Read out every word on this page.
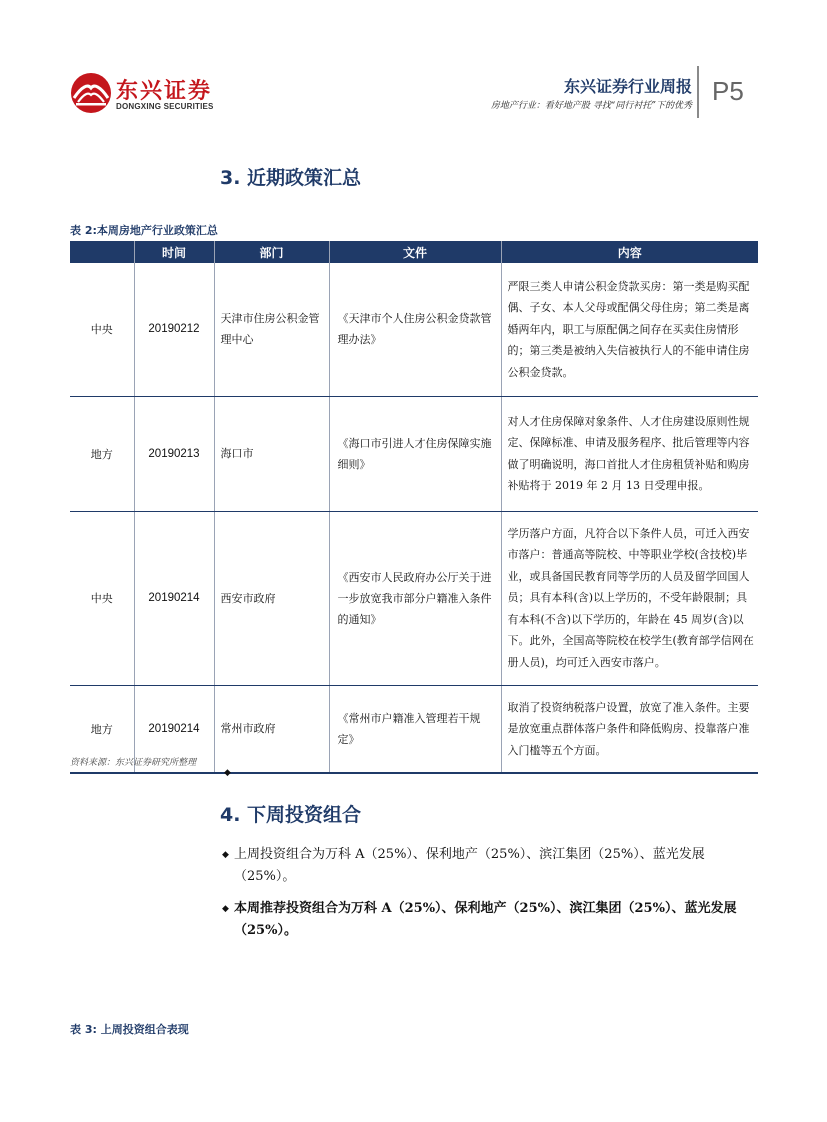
东兴证券
DONGXING SECURITIES
东兴证券行业周报
房地产行业：看好地产股 寻找“同行衬托”下的优秀 P5
3. 近期政策汇总
表 2:本周房地产行业政策汇总
	时间	部门	文件	内容
中央	20190212	天津市住房公积金管理中心	《天津市个人住房公积金贷款管理办法》	严限三类人申请公积金贷款买房：第一类是购买配偶、子女、本人父母或配偶父母住房；第二类是离婚两年内，职工与原配偶之间存在买卖住房情形的；第三类是被纳入失信被执行人的不能申请住房公积金贷款。
地方	20190213	海口市	《海口市引进人才住房保障实施细则》	对人才住房保障对象条件、人才住房建设原则性规定、保障标准、申请及服务程序、批后管理等内容做了明确说明，海口首批人才住房租赁补贴和购房补贴将于 2019 年 2 月 13 日受理申报。
中央	20190214	西安市政府	《西安市人民政府办公厅关于进一步放宽我市部分户籍准入条件的通知》	学历落户方面，凡符合以下条件人员，可迁入西安市落户：普通高等院校、中等职业学校(含技校)毕业，或具备国民教育同等学历的人员及留学回国人员；具有本科(含)以上学历的，不受年龄限制；具有本科(不含)以下学历的，年龄在 45 周岁(含)以下。此外，全国高等院校在校学生(教育部学信网在册人员)，均可迁入西安市落户。
地方	20190214	常州市政府	《常州市户籍准入管理若干规定》	取消了投资纳税落户设置，放宽了准入条件。主要是放宽重点群体落户条件和降低购房、投靠落户准入门槛等五个方面。
资料来源：东兴证券研究所整理
◆
4. 下周投资组合
◆ 上周投资组合为万科 A（25%）、保利地产（25%）、滨江集团（25%）、蓝光发展（25%）。
◆ 本周推荐投资组合为万科 A（25%）、保利地产（25%）、滨江集团（25%）、蓝光发展（25%）。
表 3: 上周投资组合表现
